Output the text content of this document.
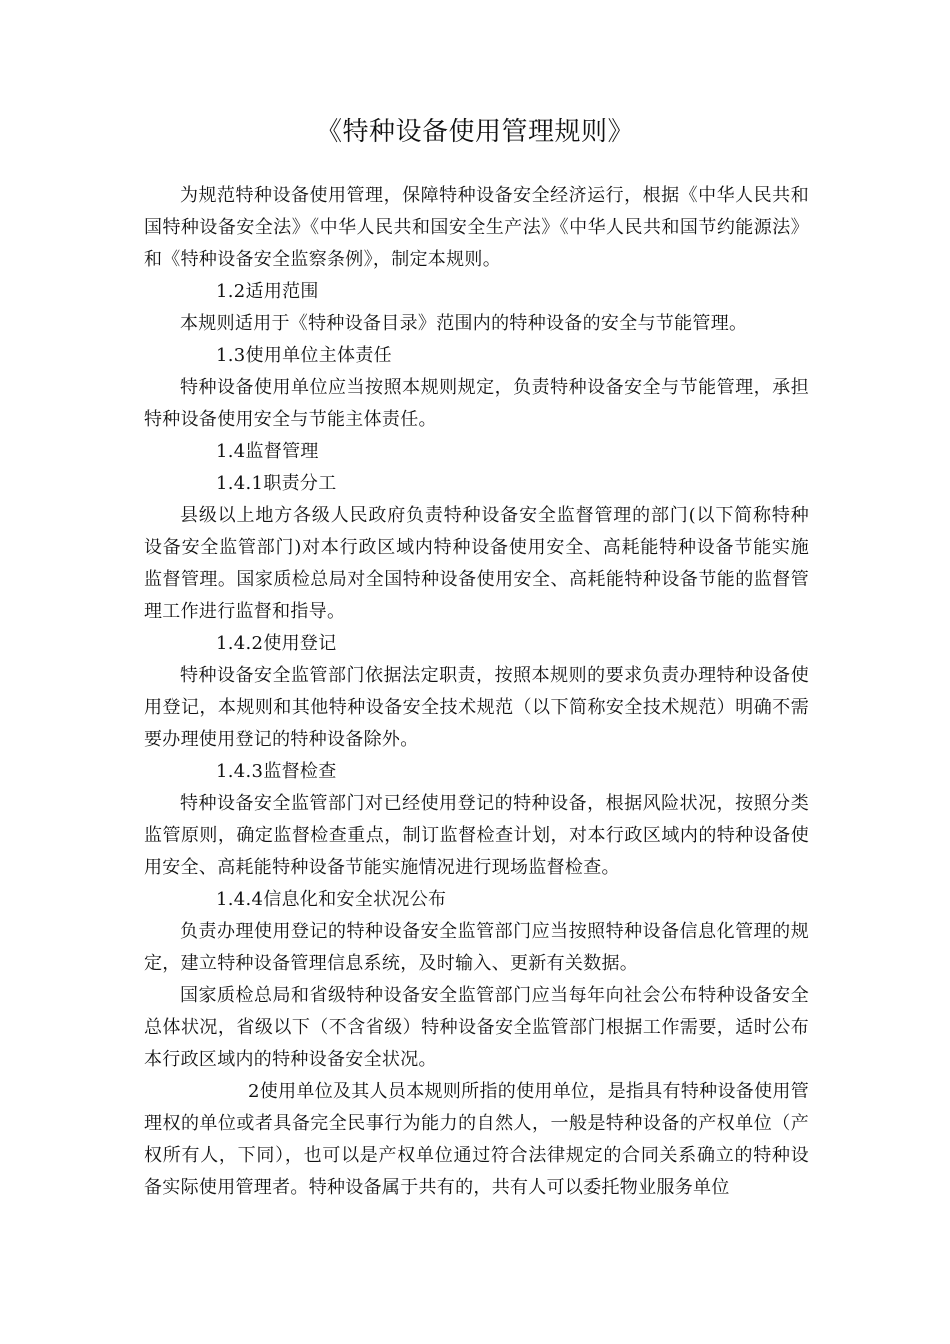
《特种设备使用管理规则》

为规范特种设备使用管理，保障特种设备安全经济运行，根据《中华人民共和国特种设备安全法》《中华人民共和国安全生产法》《中华人民共和国节约能源法》和《特种设备安全监察条例》，制定本规则。

1.2适用范围

本规则适用于《特种设备目录》范围内的特种设备的安全与节能管理。

1.3使用单位主体责任

特种设备使用单位应当按照本规则规定，负责特种设备安全与节能管理，承担特种设备使用安全与节能主体责任。

1.4监督管理

1.4.1职责分工

县级以上地方各级人民政府负责特种设备安全监督管理的部门(以下简称特种设备安全监管部门)对本行政区域内特种设备使用安全、高耗能特种设备节能实施监督管理。国家质检总局对全国特种设备使用安全、高耗能特种设备节能的监督管理工作进行监督和指导。

1.4.2使用登记

特种设备安全监管部门依据法定职责，按照本规则的要求负责办理特种设备使用登记，本规则和其他特种设备安全技术规范（以下简称安全技术规范）明确不需要办理使用登记的特种设备除外。

1.4.3监督检查

特种设备安全监管部门对已经使用登记的特种设备，根据风险状况，按照分类监管原则，确定监督检查重点，制订监督检查计划，对本行政区域内的特种设备使用安全、高耗能特种设备节能实施情况进行现场监督检查。

1.4.4信息化和安全状况公布

负责办理使用登记的特种设备安全监管部门应当按照特种设备信息化管理的规定，建立特种设备管理信息系统，及时输入、更新有关数据。

国家质检总局和省级特种设备安全监管部门应当每年向社会公布特种设备安全总体状况，省级以下（不含省级）特种设备安全监管部门根据工作需要，适时公布本行政区域内的特种设备安全状况。

2使用单位及其人员本规则所指的使用单位，是指具有特种设备使用管理权的单位或者具备完全民事行为能力的自然人，一般是特种设备的产权单位（产权所有人，下同），也可以是产权单位通过符合法律规定的合同关系确立的特种设备实际使用管理者。特种设备属于共有的，共有人可以委托物业服务单位
